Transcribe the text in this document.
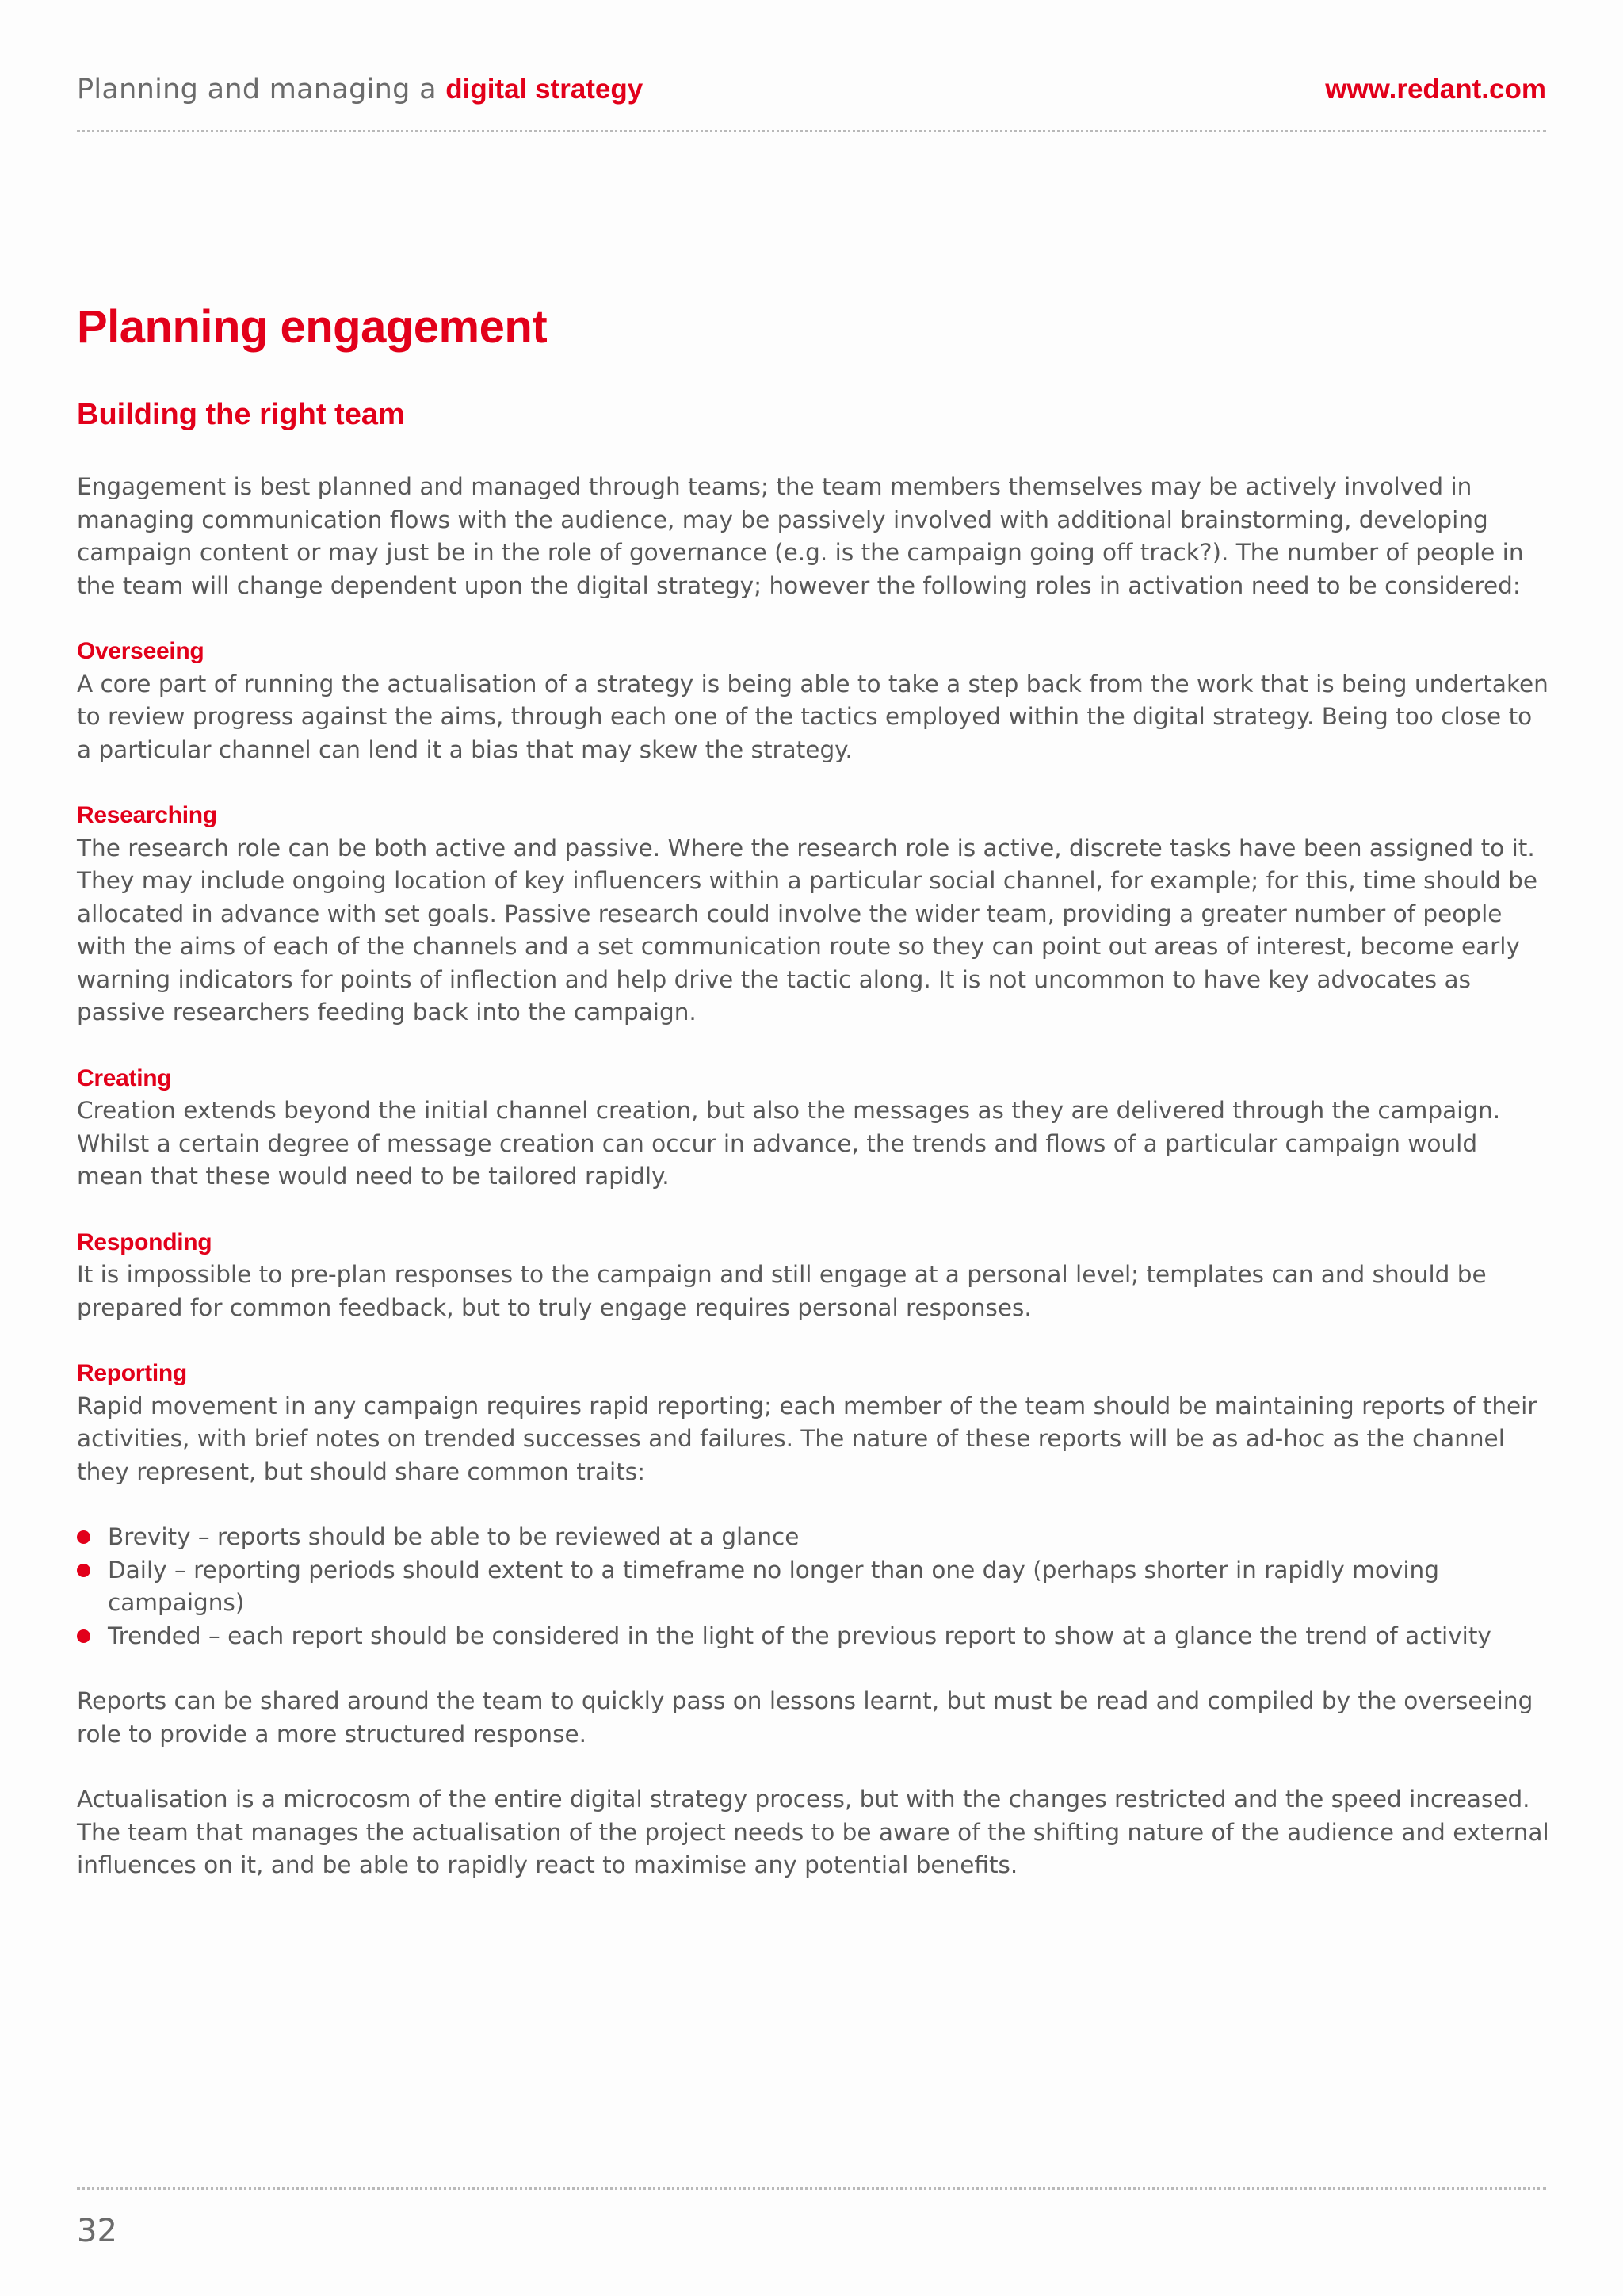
Planning and managing a digital strategy	www.redant.com
Planning engagement
Building the right team

Engagement is best planned and managed through teams; the team members themselves may be actively involved in managing communication flows with the audience, may be passively involved with additional brainstorming, developing campaign content or may just be in the role of governance (e.g. is the campaign going off track?). The number of people in the team will change dependent upon the digital strategy; however the following roles in activation need to be considered:

Overseeing

A core part of running the actualisation of a strategy is being able to take a step back from the work that is being undertaken to review progress against the aims, through each one of the tactics employed within the digital strategy. Being too close to a particular channel can lend it a bias that may skew the strategy.

Researching

The research role can be both active and passive. Where the research role is active, discrete tasks have been assigned to it. They may include ongoing location of key influencers within a particular social channel, for example; for this, time should be allocated in advance with set goals. Passive research could involve the wider team, providing a greater number of people with the aims of each of the channels and a set communication route so they can point out areas of interest, become early warning indicators for points of inflection and help drive the tactic along. It is not uncommon to have key advocates as passive researchers feeding back into the campaign.

Creating

Creation extends beyond the initial channel creation, but also the messages as they are delivered through the campaign. Whilst a certain degree of message creation can occur in advance, the trends and flows of a particular campaign would mean that these would need to be tailored rapidly.

Responding

It is impossible to pre-plan responses to the campaign and still engage at a personal level; templates can and should be prepared for common feedback, but to truly engage requires personal responses.

Reporting

Rapid movement in any campaign requires rapid reporting; each member of the team should be maintaining reports of their activities, with brief notes on trended successes and failures. The nature of these reports will be as ad-hoc as the channel they represent, but should share common traits:

Brevity – reports should be able to be reviewed at a glance
Daily – reporting periods should extent to a timeframe no longer than one day (perhaps shorter in rapidly moving campaigns)
Trended – each report should be considered in the light of the previous report to show at a glance the trend of activity

Reports can be shared around the team to quickly pass on lessons learnt, but must be read and compiled by the overseeing role to provide a more structured response.

Actualisation is a microcosm of the entire digital strategy process, but with the changes restricted and the speed increased. The team that manages the actualisation of the project needs to be aware of the shifting nature of the audience and external influences on it, and be able to rapidly react to maximise any potential benefits.

32
